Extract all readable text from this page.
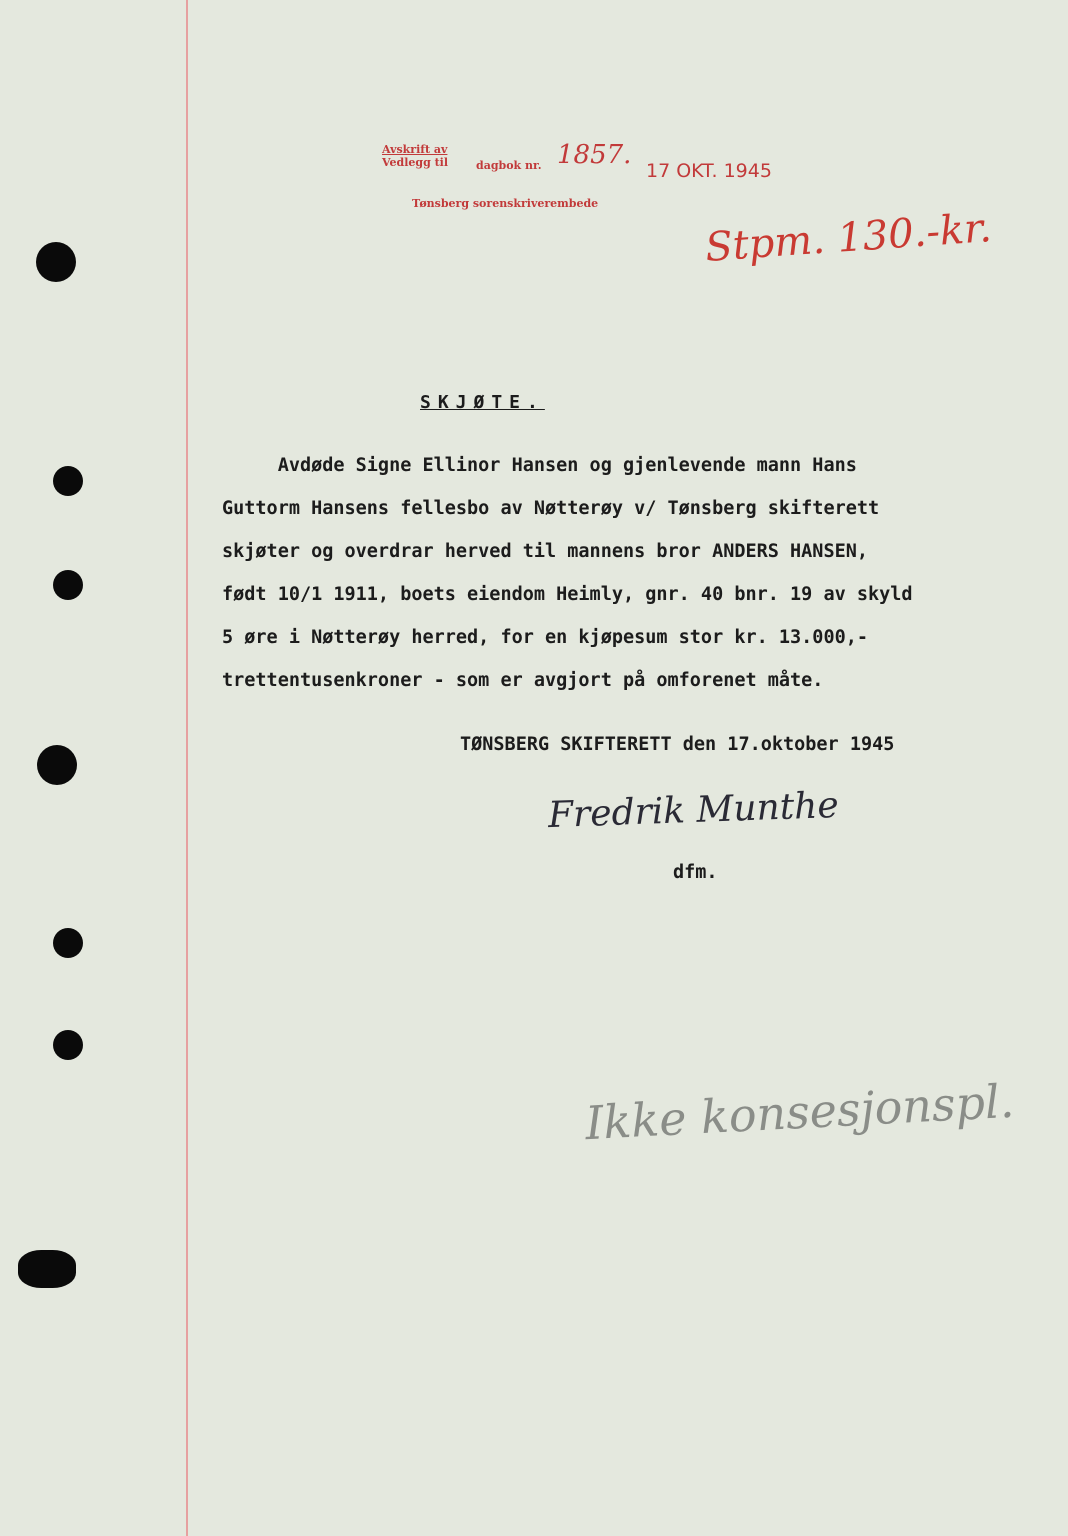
Avskrift av
Vedlegg til	dagbok nr. 1857.
17 OKT. 1945
Tønsberg sorenskriverembede
Stpm. 130.-kr.
SKJØTE.
Avdøde Signe Ellinor Hansen og gjenlevende mann Hans
Guttorm Hansens fellesbo av Nøtterøy v/ Tønsberg skifterett
skjøter og overdrar herved til mannens bror ANDERS HANSEN,
født 10/1 1911, boets eiendom Heimly, gnr. 40 bnr. 19 av skyld
5 øre i Nøtterøy herred, for en kjøpesum stor kr. 13.000,-
trettentusenkroner - som er avgjort på omforenet måte.
TØNSBERG SKIFTERETT den 17.oktober 1945
Fredrik Munthe
dfm.
Ikke konsesjonspl.
